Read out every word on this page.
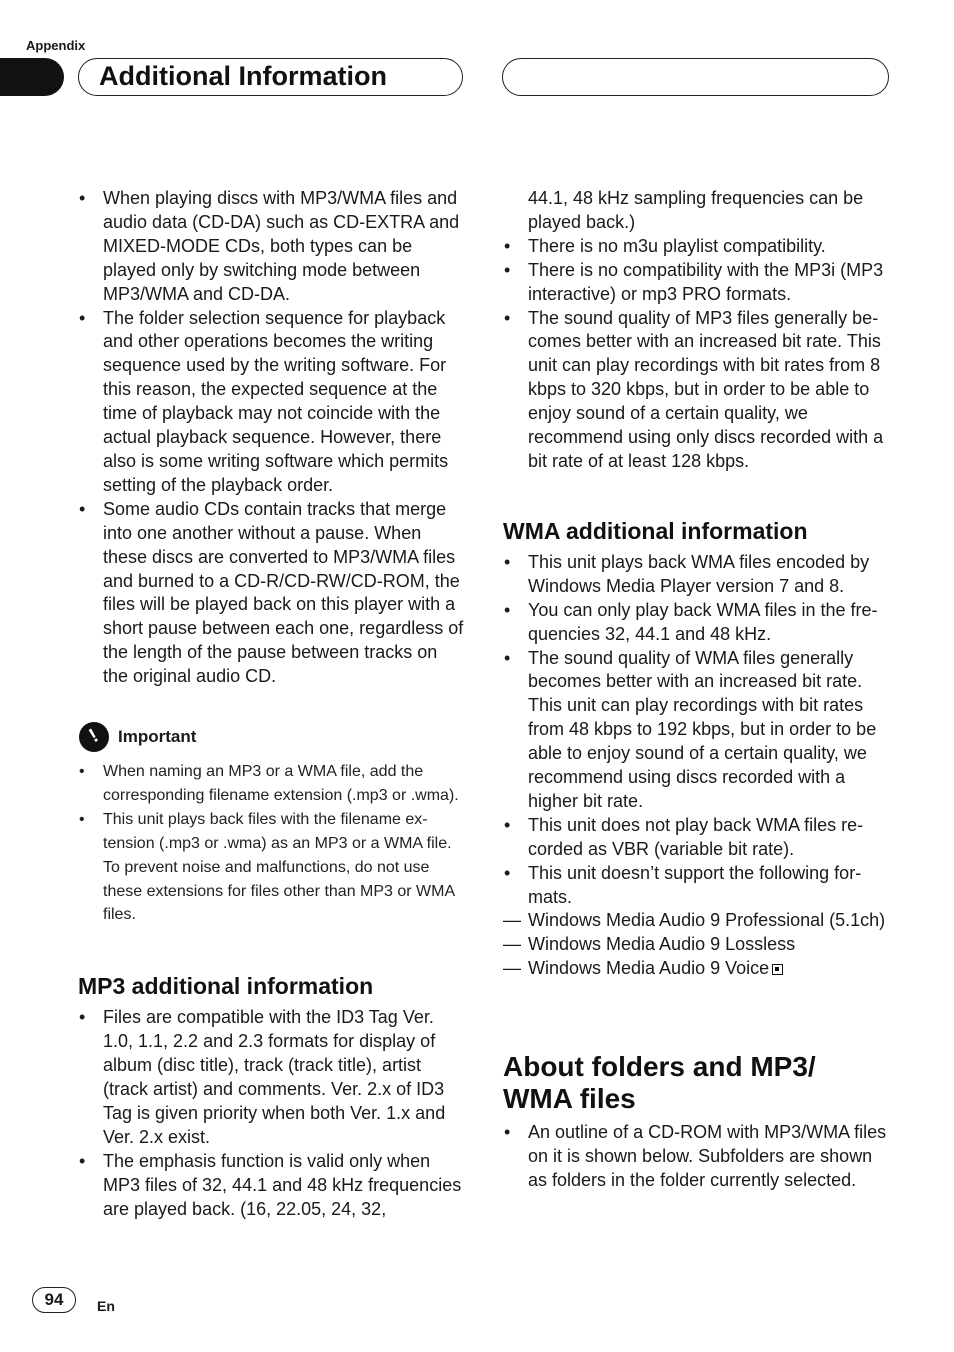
Appendix
Additional Information
• When playing discs with MP3/WMA files and audio data (CD-DA) such as CD-EXTRA and MIXED-MODE CDs, both types can be played only by switching mode between MP3/WMA and CD-DA.
• The folder selection sequence for playback and other operations becomes the writing sequence used by the writing software. For this reason, the expected sequence at the time of playback may not coincide with the actual playback sequence. However, there also is some writing software which permits setting of the playback order.
• Some audio CDs contain tracks that merge into one another without a pause. When these discs are converted to MP3/WMA files and burned to a CD-R/CD-RW/CD-ROM, the files will be played back on this player with a short pause between each one, regardless of the length of the pause between tracks on the original audio CD.
!
Important
• When naming an MP3 or a WMA file, add the corresponding filename extension (.mp3 or .wma).
• This unit plays back files with the filename extension (.mp3 or .wma) as an MP3 or a WMA file. To prevent noise and malfunctions, do not use these extensions for files other than MP3 or WMA files.
MP3 additional information
• Files are compatible with the ID3 Tag Ver. 1.0, 1.1, 2.2 and 2.3 formats for display of album (disc title), track (track title), artist (track artist) and comments. Ver. 2.x of ID3 Tag is given priority when both Ver. 1.x and Ver. 2.x exist.
• The emphasis function is valid only when MP3 files of 32, 44.1 and 48 kHz frequencies are played back. (16, 22.05, 24, 32,
44.1, 48 kHz sampling frequencies can be played back.)
• There is no m3u playlist compatibility.
• There is no compatibility with the MP3i (MP3 interactive) or mp3 PRO formats.
• The sound quality of MP3 files generally becomes better with an increased bit rate. This unit can play recordings with bit rates from 8 kbps to 320 kbps, but in order to be able to enjoy sound of a certain quality, we recommend using only discs recorded with a bit rate of at least 128 kbps.
WMA additional information
• This unit plays back WMA files encoded by Windows Media Player version 7 and 8.
• You can only play back WMA files in the frequencies 32, 44.1 and 48 kHz.
• The sound quality of WMA files generally becomes better with an increased bit rate. This unit can play recordings with bit rates from 48 kbps to 192 kbps, but in order to be able to enjoy sound of a certain quality, we recommend using discs recorded with a higher bit rate.
• This unit does not play back WMA files recorded as VBR (variable bit rate).
• This unit doesn’t support the following formats.
— Windows Media Audio 9 Professional (5.1ch)
— Windows Media Audio 9 Lossless
— Windows Media Audio 9 Voice
About folders and MP3/
WMA files
• An outline of a CD-ROM with MP3/WMA files on it is shown below. Subfolders are shown as folders in the folder currently selected.
94	En
